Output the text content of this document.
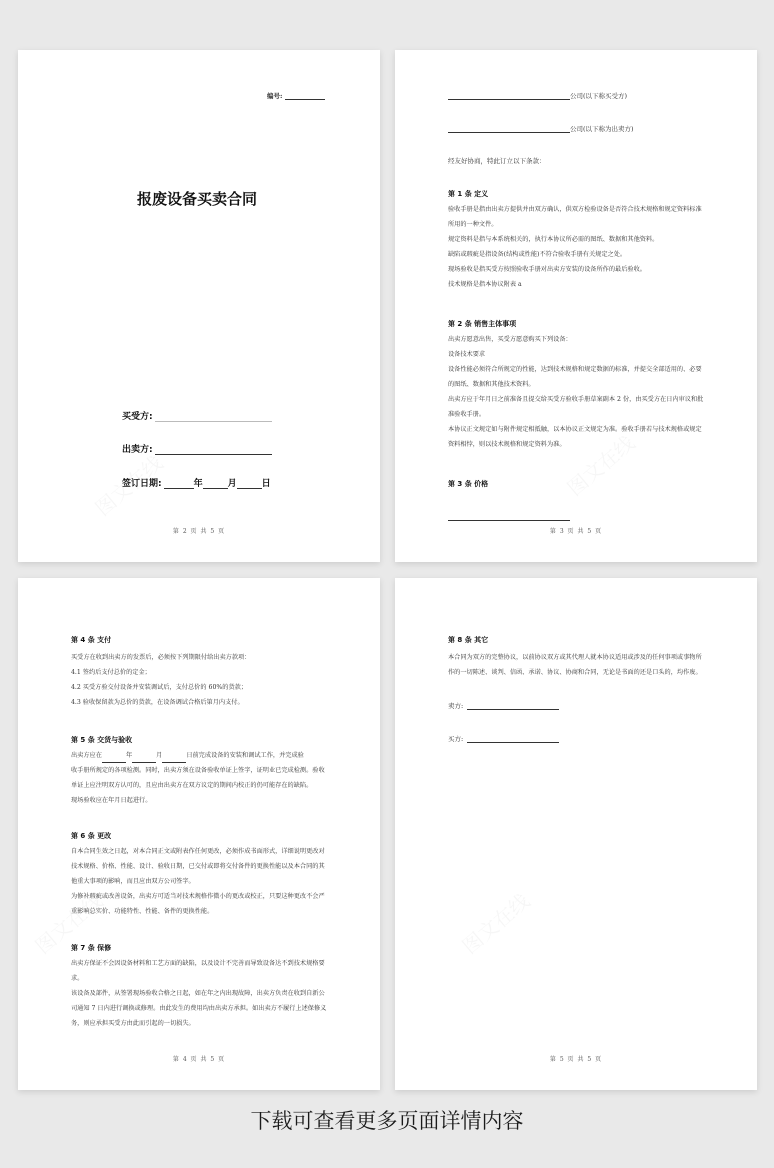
编号:
报废设备买卖合同
买受方:
出卖方:
签订日期:	年	月	日
第 2 页 共 5 页
公司(以下称买受方)
公司(以下称为出卖方)
经友好协商，特此订立以下条款：
第 1 条 定义

验收手册是指由出卖方提供并由双方确认，供双方检验设备是否符合技术规格和规定资料标准所用的一种文件。

规定资料是指与本系统相关的，执行本协议所必需的图纸、数据和其他资料。

缺陷或瑕疵是指设备(结构或性能)不符合验收手册有关规定之处。

现场验收是指买受方按照验收手册对出卖方安装的设备所作的最后验收。

技术规格是指本协议附表 a

第 2 条 销售主体事项

出卖方愿意出售，买受方愿意购买下列设备：

设备技术要求

设备性能必须符合所规定的性能，达到技术规格和规定数据的标准，并提交全部适用的、必要的图纸、数据和其他技术资料。

出卖方应于年月日之前准备且提交给买受方验收手册草案副本 2 份，由买受方在日内审议和批准验收手册。

本协议正文规定如与附件规定相抵触，以本协议正文规定为准。验收手册若与技术规格或规定资料相悖，则以技术规格和规定资料为准。

第 3 条 价格
第 3 页 共 5 页
第 4 条 支付

买受方在收到出卖方的发票后，必须按下列期限付给出卖方款项：

4.1 签约后支付总价的定金；

4.2 买受方验交付设备并安装调试后，支付总价的 60%的货款；

4.3 验收保留款为总价的货款，在设备调试合格后第月内支付。

第 5 条 交货与验收

出卖方应在	年	月	日前完成设备的安装和调试工作，并完成验

收手册所规定的各项检测。同时，出卖方须在设备验收单证上签字，证明业已完成检测。验收单证上应注明双方认可的，且应由出卖方在双方议定的期间内校正的仍可能存在的缺陷。

现场验收应在年月日起进行。

第 6 条 更改

自本合同生效之日起，对本合同正文或附表作任何更改，必须作成书面形式，详细说明更改对技术规格、价格、性能、设计、验收日期，已交付或即将交付备件的更换性能以及本合同的其他重大事项的影响，而且应由双方公司签字。

为修补瑕疵或改善设备，出卖方可适当对技术规格作微小的更改或校正，只要这种更改不会严重影响总实价、功能特性、性能、备件的更换性能。

第 7 条 保修

出卖方保证不会因设备材料和工艺方面的缺陷，以及设计不完善而导致设备达不到技术规格要求。

该设备及部件，从签署现场验收合格之日起，如在年之内出现故障，出卖方负责在收到自新公司通知 7 日内进行调换或修理。由此发生的费用均由出卖方承担。如出卖方不履行上述保修义务，则应承担买受方由此而引起的一切损失。

第 4 页 共 5 页
第 8 条 其它

本合同为双方的完整协议，以前协议双方或其代理人就本协议适用或涉及的任何事项或事物所作的一切陈述、谈判、信函、承诺、协议、协商和合同，无论是书面的还是口头的，均作废。

卖方:
买方:
第 5 页 共 5 页
下载可查看更多页面详情内容
